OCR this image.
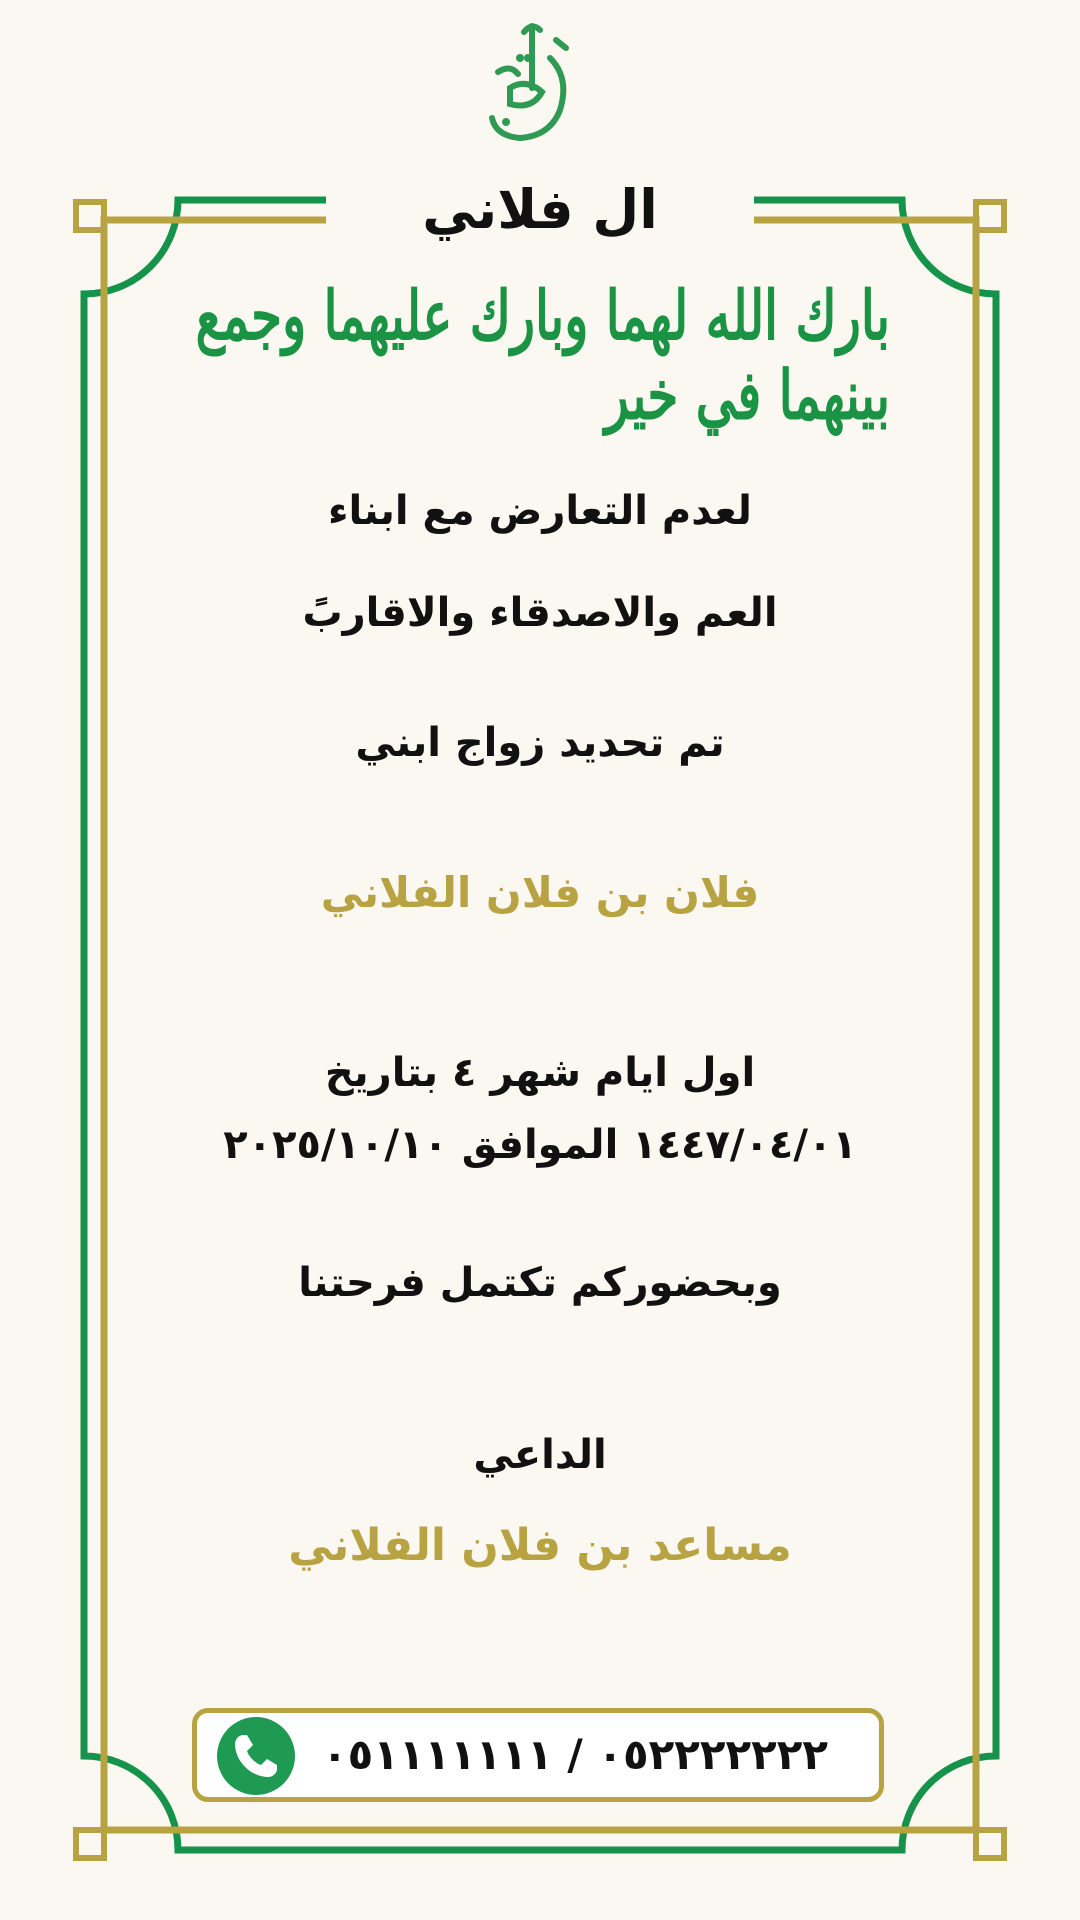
ال فلاني
بارك الله لهما وبارك عليهما وجمع بينهما في خير
لعدم التعارض مع ابناء
العم والاصدقاء والاقاربً
تم تحديد زواج ابني
فلان بن فلان الفلاني
اول ايام شهر ٤ بتاريخ
١٤٤٧/٠٤/٠١ الموافق ٢٠٢٥/١٠/١٠
وبحضوركم تكتمل فرحتنا
الداعي
مساعد بن فلان الفلاني
٠٥٢٢٢٢٢٢٢ / ٠٥١١١١١١١
